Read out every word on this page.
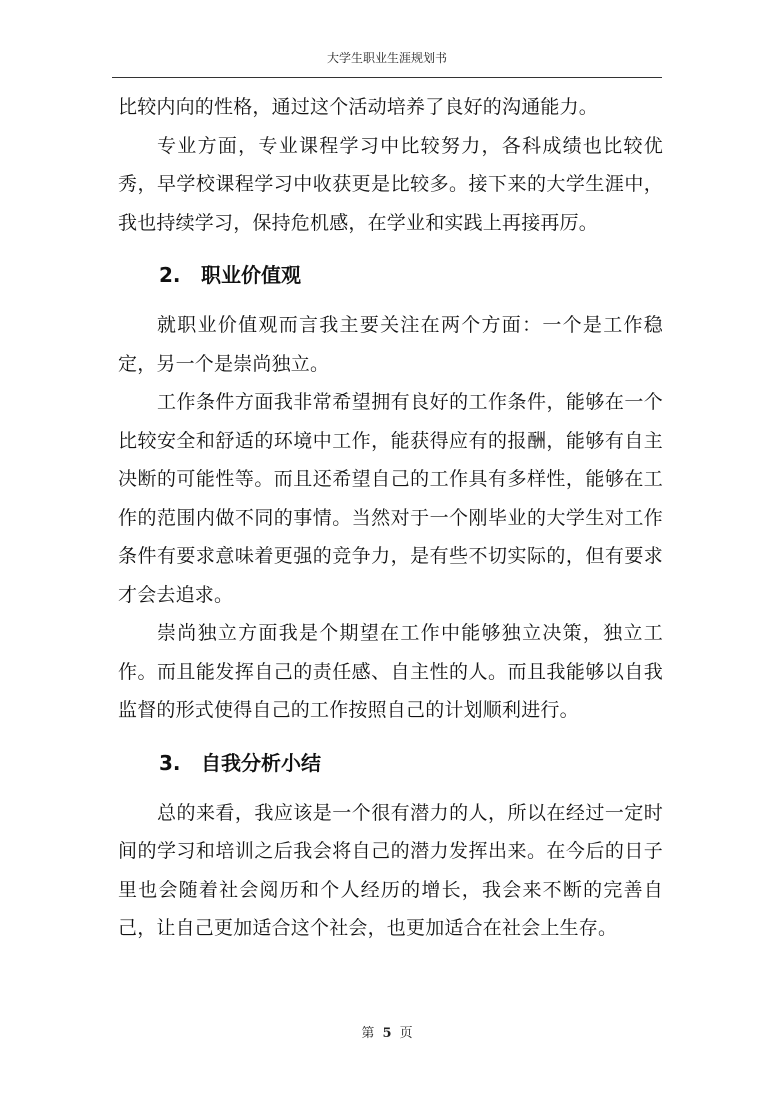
大学生职业生涯规划书

比较内向的性格，通过这个活动培养了良好的沟通能力。

专业方面，专业课程学习中比较努力，各科成绩也比较优秀，早学校课程学习中收获更是比较多。接下来的大学生涯中，我也持续学习，保持危机感，在学业和实践上再接再厉。

2.	职业价值观

就职业价值观而言我主要关注在两个方面：一个是工作稳定，另一个是崇尚独立。

工作条件方面我非常希望拥有良好的工作条件，能够在一个比较安全和舒适的环境中工作，能获得应有的报酬，能够有自主决断的可能性等。而且还希望自己的工作具有多样性，能够在工作的范围内做不同的事情。当然对于一个刚毕业的大学生对工作条件有要求意味着更强的竞争力，是有些不切实际的，但有要求才会去追求。

崇尚独立方面我是个期望在工作中能够独立决策，独立工作。而且能发挥自己的责任感、自主性的人。而且我能够以自我监督的形式使得自己的工作按照自己的计划顺利进行。

3.	自我分析小结

总的来看，我应该是一个很有潜力的人，所以在经过一定时间的学习和培训之后我会将自己的潜力发挥出来。在今后的日子里也会随着社会阅历和个人经历的增长，我会来不断的完善自己，让自己更加适合这个社会，也更加适合在社会上生存。

第 5 页
